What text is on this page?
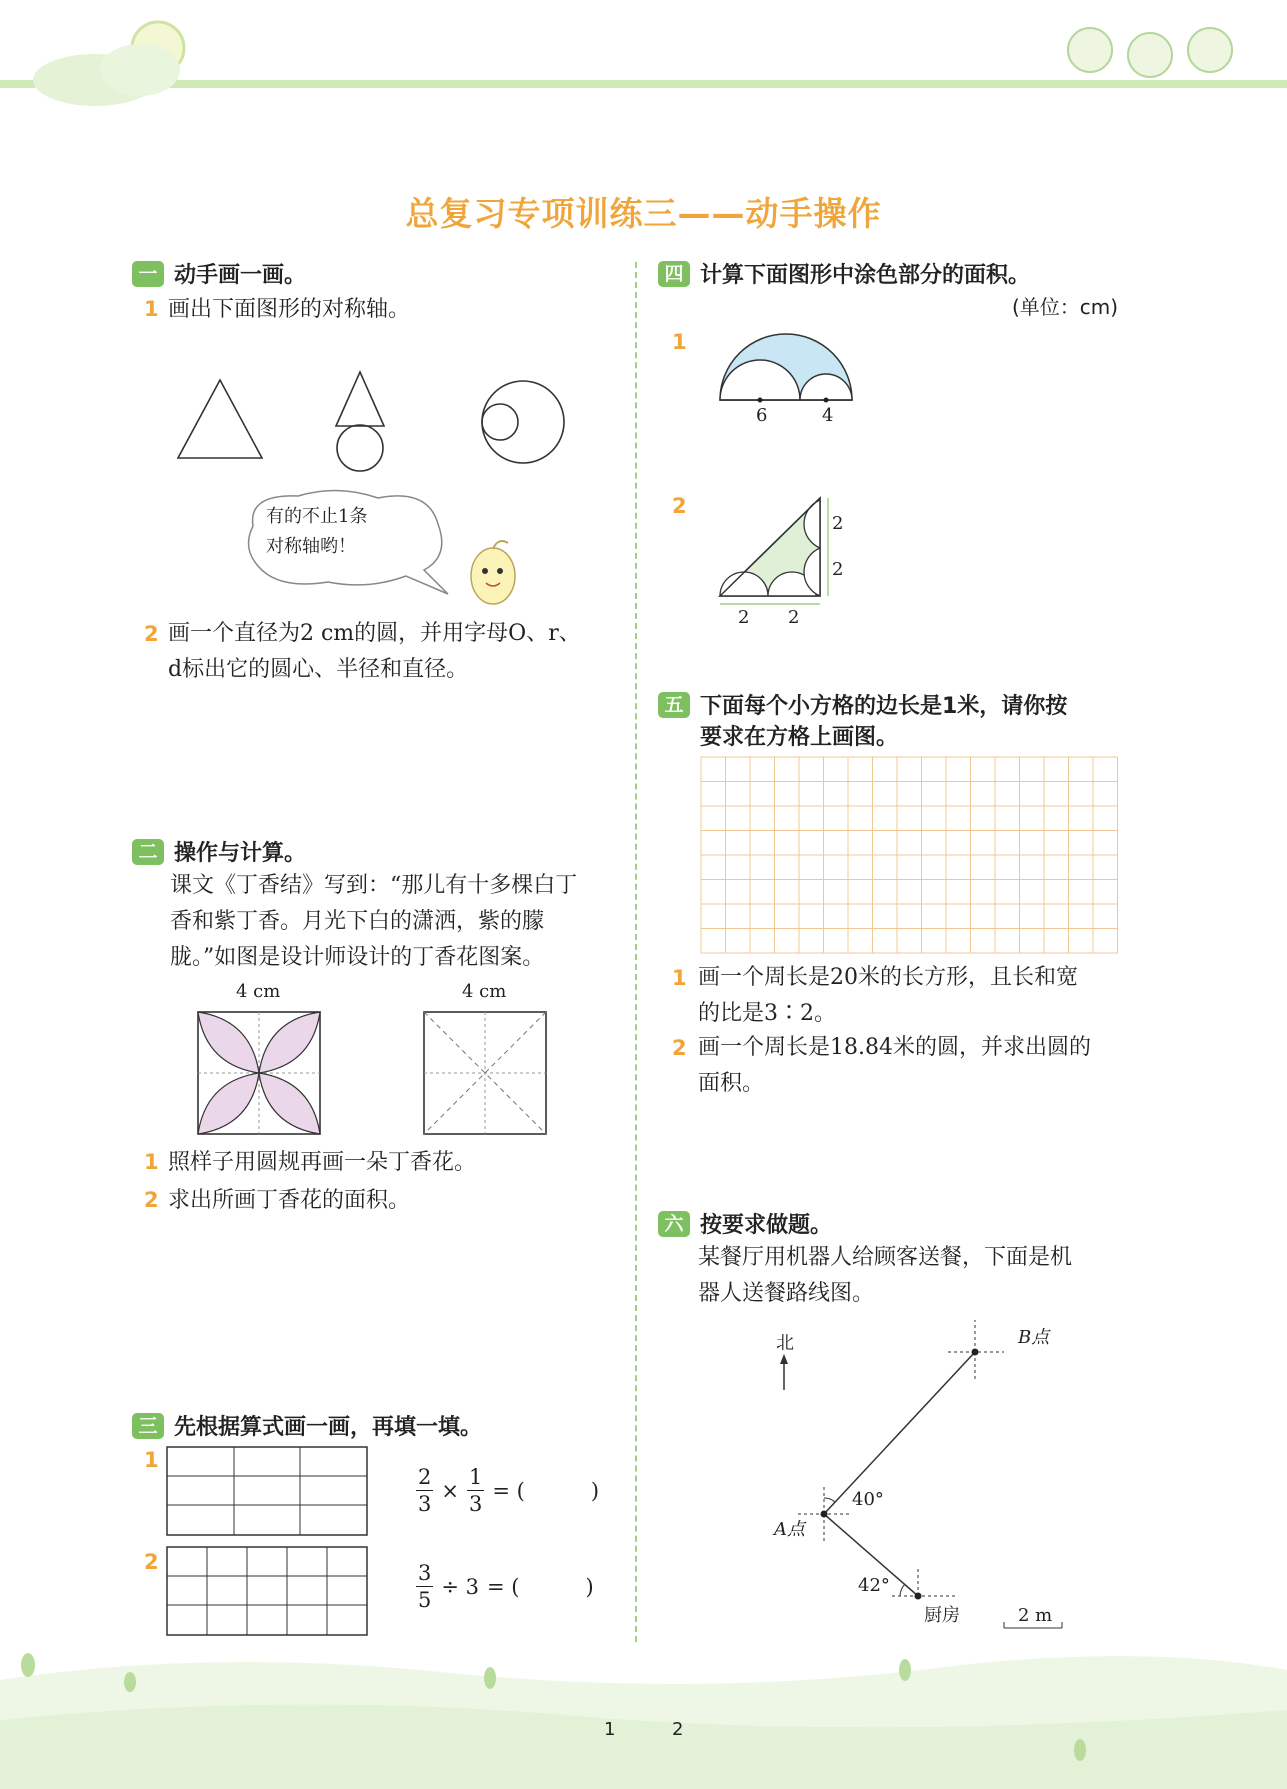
总复习专项训练三——动手操作
一 动手画一画。
1 画出下面图形的对称轴。
有的不止1条
对称轴哟！
2 画一个直径为2 cm的圆，并用字母O、r、
d标出它的圆心、半径和直径。
二 操作与计算。
课文《丁香结》写到：“那儿有十多棵白丁
香和紫丁香。月光下白的潇洒，紫的朦
胧。”如图是设计师设计的丁香花图案。
4 cm	4 cm
1 照样子用圆规再画一朵丁香花。
2 求出所画丁香花的面积。
三 先根据算式画一画，再填一填。
1
$\frac{2}{3} \times \frac{1}{3}$ = (	)
2	$\frac{3}{5} \div 3$ = (	)
四 计算下面图形中涂色部分的面积。
(单位：cm)
1
6	4
2
2
2
2 2
五 下面每个小方格的边长是1米，请你按
要求在方格上画图。
1 画一个周长是20米的长方形，且长和宽
的比是3∶2。
2 画一个周长是18.84米的圆，并求出圆的
面积。
六 按要求做题。
某餐厅用机器人给顾客送餐，下面是机
器人送餐路线图。
北	B点
A点
厨房
40°
42°
2 m
1	2
